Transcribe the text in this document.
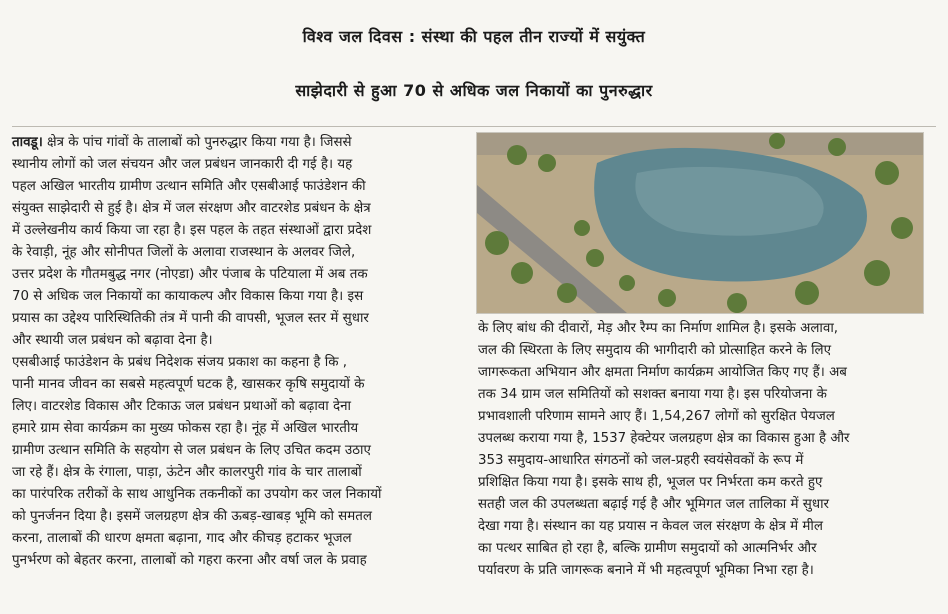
विश्व जल दिवस : संस्था की पहल तीन राज्यों में सयुंक्त
साझेदारी से हुआ 70 से अधिक जल निकायों का पुनरुद्धार
तावडू। क्षेत्र के पांच गांवों के तालाबों को पुनरुद्धार किया गया है। जिससे
स्थानीय लोगों को जल संचयन और जल प्रबंधन जानकारी दी गई है। यह
पहल अखिल भारतीय ग्रामीण उत्थान समिति और एसबीआई फाउंडेशन की
संयुक्त साझेदारी से हुई है। क्षेत्र में जल संरक्षण और वाटरशेड प्रबंधन के क्षेत्र
में उल्लेखनीय कार्य किया जा रहा है। इस पहल के तहत संस्थाओं द्वारा प्रदेश
के रेवाड़ी, नूंह और सोनीपत जिलों के अलावा राजस्थान के अलवर जिले,
उत्तर प्रदेश के गौतमबुद्ध नगर (नोएडा) और पंजाब के पटियाला में अब तक
70 से अधिक जल निकायों का कायाकल्प और विकास किया गया है। इस
प्रयास का उद्देश्य पारिस्थितिकी तंत्र में पानी की वापसी, भूजल स्तर में सुधार
और स्थायी जल प्रबंधन को बढ़ावा देना है।
एसबीआई फाउंडेशन के प्रबंध निदेशक संजय प्रकाश का कहना है कि ,
पानी मानव जीवन का सबसे महत्वपूर्ण घटक है, खासकर कृषि समुदायों के
लिए। वाटरशेड विकास और टिकाऊ जल प्रबंधन प्रथाओं को बढ़ावा देना
हमारे ग्राम सेवा कार्यक्रम का मुख्य फोकस रहा है। नूंह में अखिल भारतीय
ग्रामीण उत्थान समिति के सहयोग से जल प्रबंधन के लिए उचित कदम उठाए
जा रहे हैं। क्षेत्र के रंगाला, पाड़ा, ऊंटेन और कालरपुरी गांव के चार तालाबों
का पारंपरिक तरीकों के साथ आधुनिक तकनीकों का उपयोग कर जल निकायों
को पुनर्जनन दिया है। इसमें जलग्रहण क्षेत्र की ऊबड़-खाबड़ भूमि को समतल
करना, तालाबों की धारण क्षमता बढ़ाना, गाद और कीचड़ हटाकर भूजल
पुनर्भरण को बेहतर करना, तालाबों को गहरा करना और वर्षा जल के प्रवाह
के लिए बांध की दीवारों, मेड़ और रैम्प का निर्माण शामिल है। इसके अलावा,
जल की स्थिरता के लिए समुदाय की भागीदारी को प्रोत्साहित करने के लिए
जागरूकता अभियान और क्षमता निर्माण कार्यक्रम आयोजित किए गए हैं। अब
तक 34 ग्राम जल समितियों को सशक्त बनाया गया है। इस परियोजना के
प्रभावशाली परिणाम सामने आए हैं। 1,54,267 लोगों को सुरक्षित पेयजल
उपलब्ध कराया गया है, 1537 हेक्टेयर जलग्रहण क्षेत्र का विकास हुआ है और
353 समुदाय-आधारित संगठनों को जल-प्रहरी स्वयंसेवकों के रूप में
प्रशिक्षित किया गया है। इसके साथ ही, भूजल पर निर्भरता कम करते हुए
सतही जल की उपलब्धता बढ़ाई गई है और भूमिगत जल तालिका में सुधार
देखा गया है। संस्थान का यह प्रयास न केवल जल संरक्षण के क्षेत्र में मील
का पत्थर साबित हो रहा है, बल्कि ग्रामीण समुदायों को आत्मनिर्भर और
पर्यावरण के प्रति जागरूक बनाने में भी महत्वपूर्ण भूमिका निभा रहा है।
